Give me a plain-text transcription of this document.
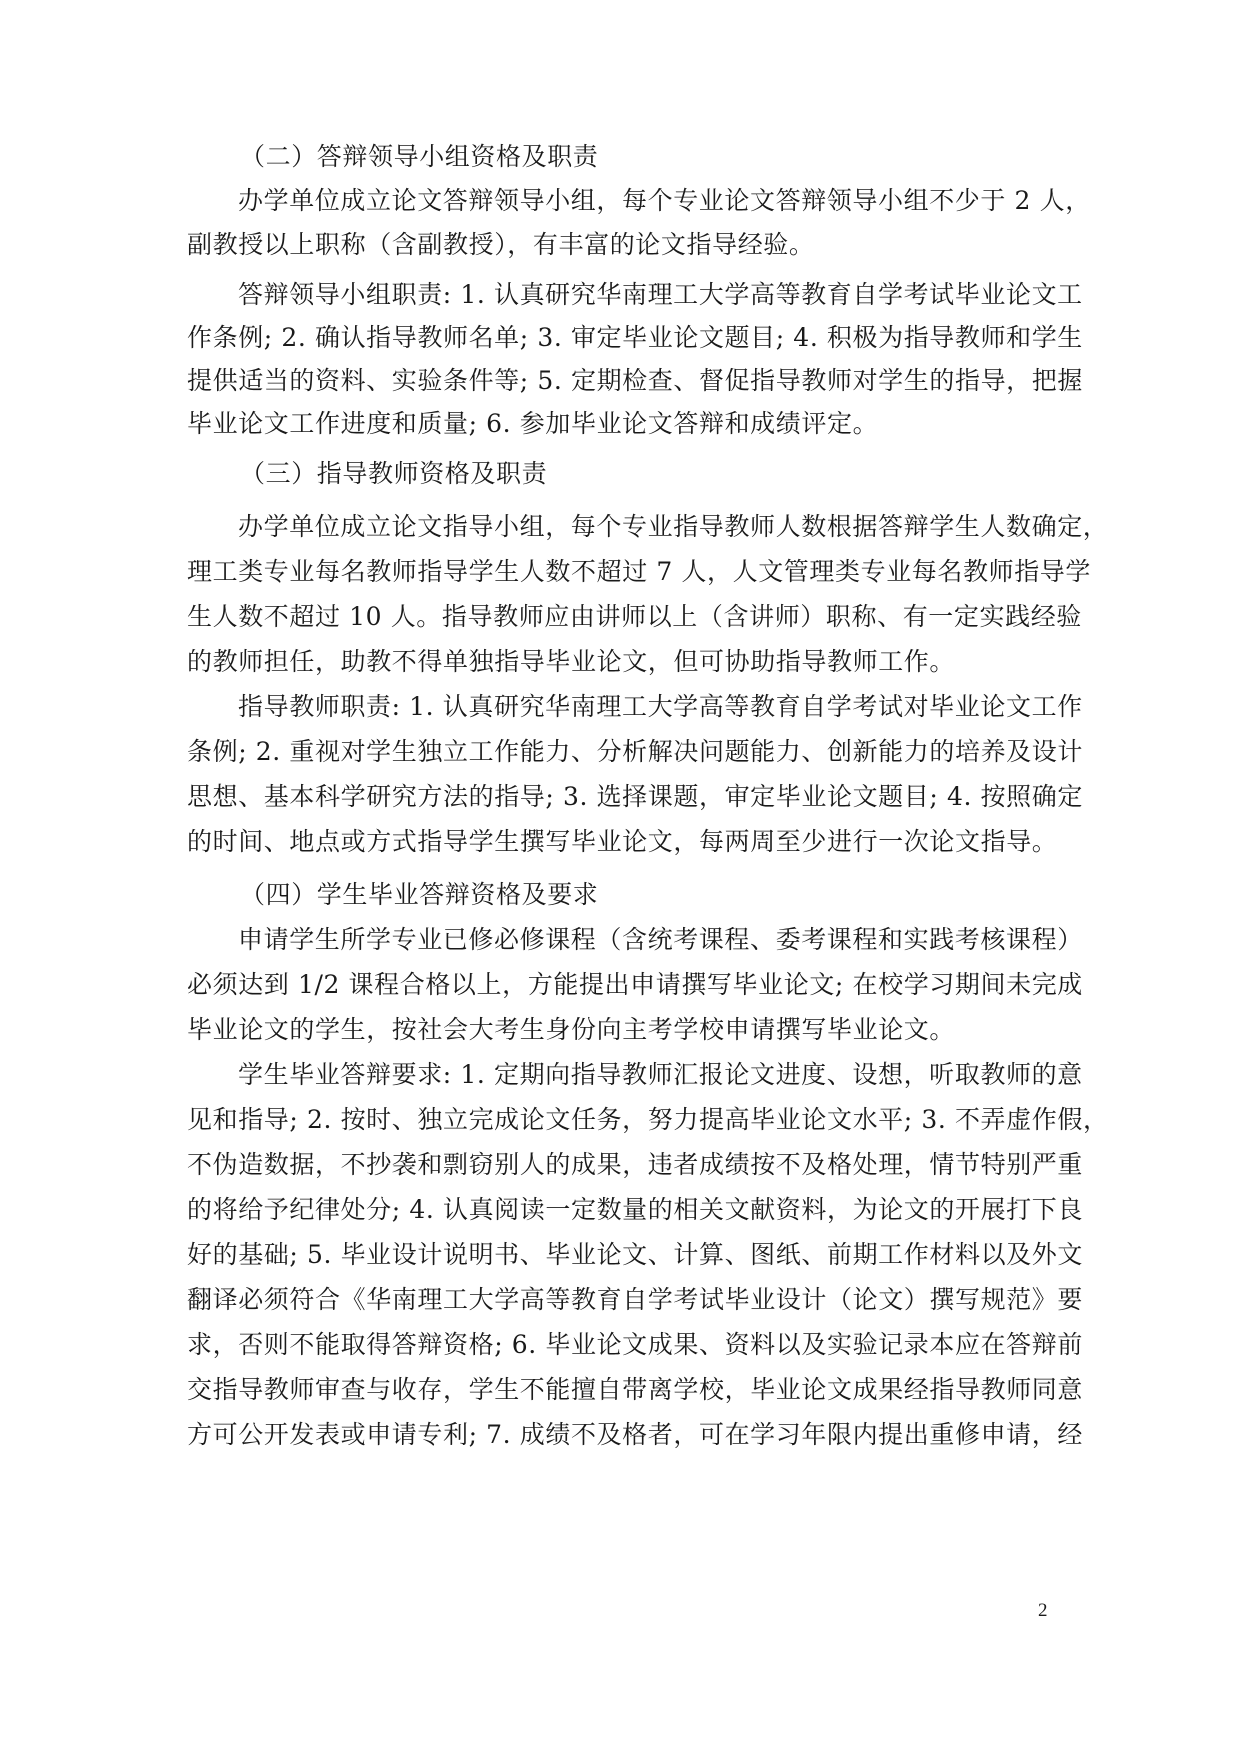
（二）答辩领导小组资格及职责
办学单位成立论文答辩领导小组，每个专业论文答辩领导小组不少于 2 人，
副教授以上职称（含副教授），有丰富的论文指导经验。
答辩领导小组职责: 1. 认真研究华南理工大学高等教育自学考试毕业论文工
作条例; 2. 确认指导教师名单; 3. 审定毕业论文题目; 4. 积极为指导教师和学生
提供适当的资料、实验条件等; 5. 定期检查、督促指导教师对学生的指导，把握
毕业论文工作进度和质量; 6. 参加毕业论文答辩和成绩评定。
（三）指导教师资格及职责
办学单位成立论文指导小组，每个专业指导教师人数根据答辩学生人数确定，
理工类专业每名教师指导学生人数不超过 7 人，人文管理类专业每名教师指导学
生人数不超过 10 人。指导教师应由讲师以上（含讲师）职称、有一定实践经验
的教师担任，助教不得单独指导毕业论文，但可协助指导教师工作。
指导教师职责: 1. 认真研究华南理工大学高等教育自学考试对毕业论文工作
条例; 2. 重视对学生独立工作能力、分析解决问题能力、创新能力的培养及设计
思想、基本科学研究方法的指导; 3. 选择课题，审定毕业论文题目; 4. 按照确定
的时间、地点或方式指导学生撰写毕业论文，每两周至少进行一次论文指导。
（四）学生毕业答辩资格及要求
申请学生所学专业已修必修课程（含统考课程、委考课程和实践考核课程）
必须达到 1/2 课程合格以上，方能提出申请撰写毕业论文; 在校学习期间未完成
毕业论文的学生，按社会大考生身份向主考学校申请撰写毕业论文。
学生毕业答辩要求: 1. 定期向指导教师汇报论文进度、设想，听取教师的意
见和指导; 2. 按时、独立完成论文任务，努力提高毕业论文水平; 3. 不弄虚作假，
不伪造数据，不抄袭和剽窃别人的成果，违者成绩按不及格处理，情节特别严重
的将给予纪律处分; 4. 认真阅读一定数量的相关文献资料，为论文的开展打下良
好的基础; 5. 毕业设计说明书、毕业论文、计算、图纸、前期工作材料以及外文
翻译必须符合《华南理工大学高等教育自学考试毕业设计（论文）撰写规范》要
求，否则不能取得答辩资格; 6. 毕业论文成果、资料以及实验记录本应在答辩前
交指导教师审查与收存，学生不能擅自带离学校，毕业论文成果经指导教师同意
方可公开发表或申请专利; 7. 成绩不及格者，可在学习年限内提出重修申请，经
2
